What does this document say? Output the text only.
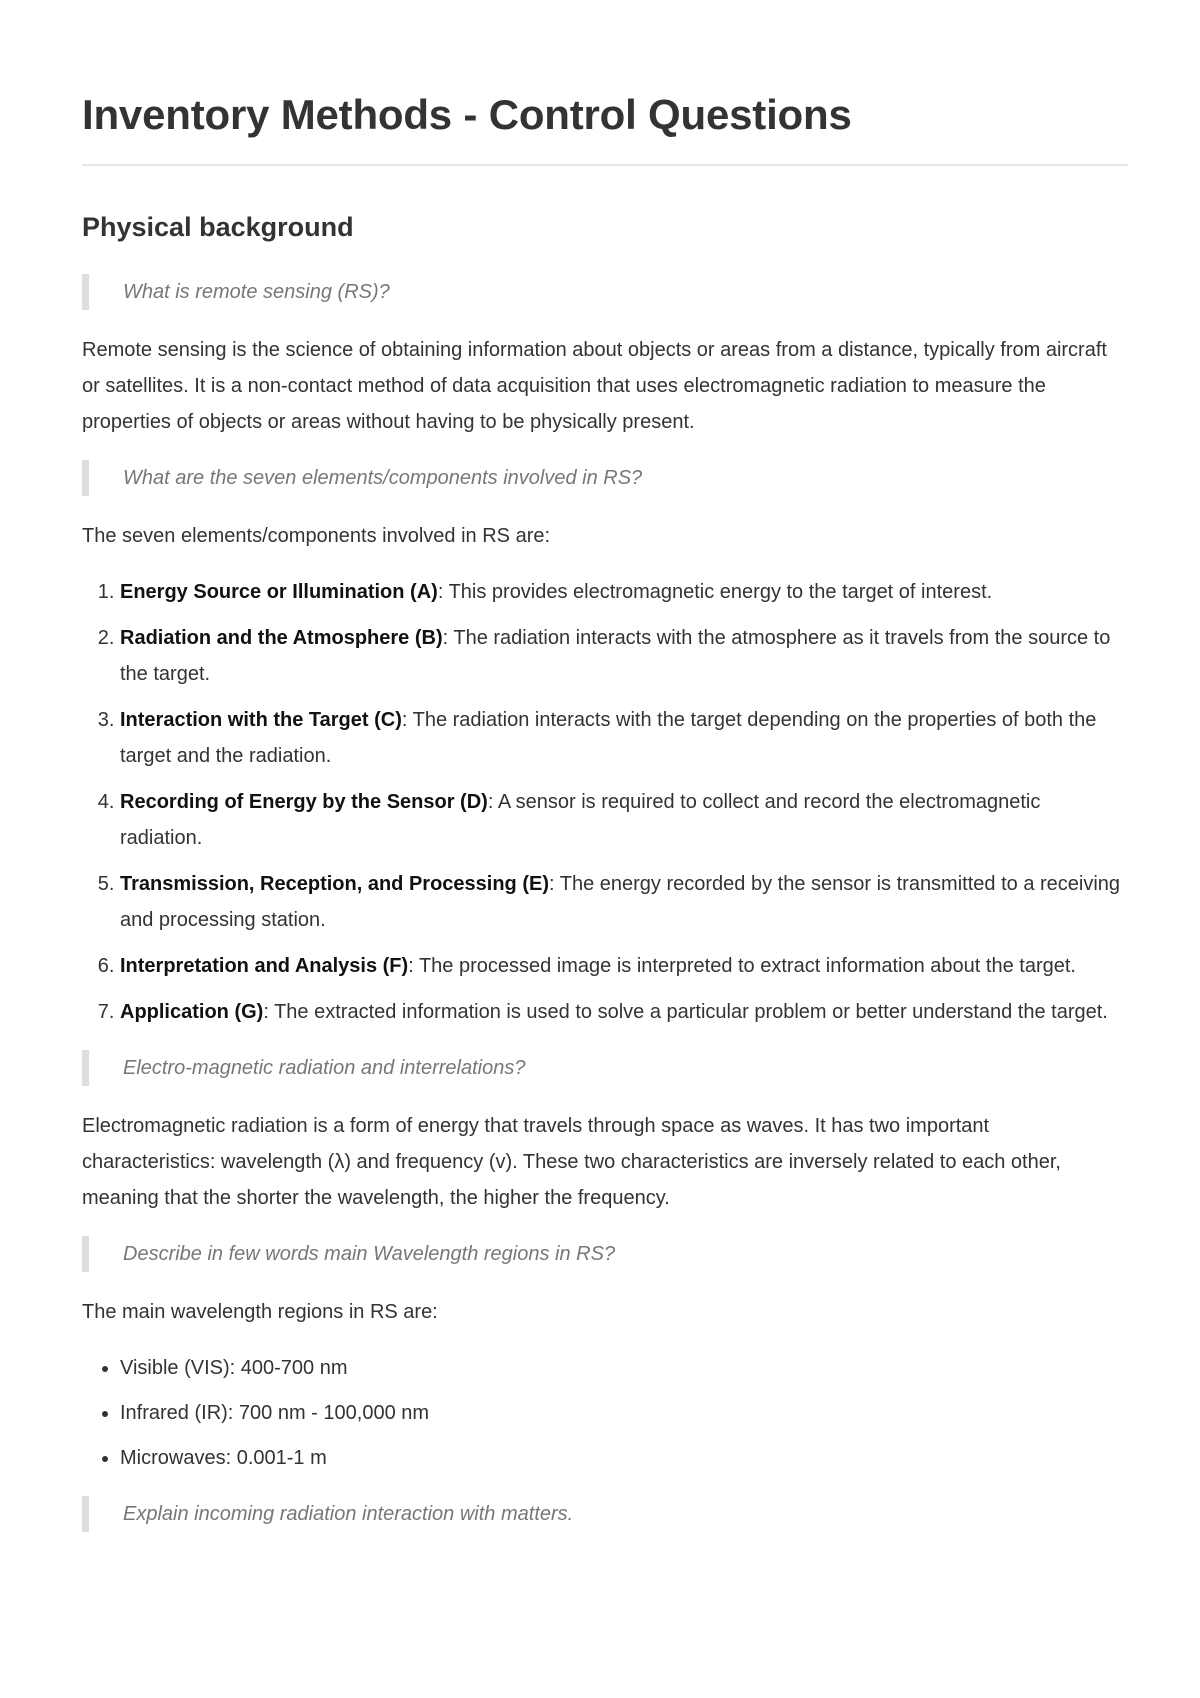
Inventory Methods - Control Questions
Physical background
What is remote sensing (RS)?

Remote sensing is the science of obtaining information about objects or areas from a distance, typically from aircraft or satellites. It is a non-contact method of data acquisition that uses electromagnetic radiation to measure the properties of objects or areas without having to be physically present.

What are the seven elements/components involved in RS?

The seven elements/components involved in RS are:

1. Energy Source or Illumination (A): This provides electromagnetic energy to the target of interest.
2. Radiation and the Atmosphere (B): The radiation interacts with the atmosphere as it travels from the source to the target.
3. Interaction with the Target (C): The radiation interacts with the target depending on the properties of both the target and the radiation.
4. Recording of Energy by the Sensor (D): A sensor is required to collect and record the electromagnetic radiation.
5. Transmission, Reception, and Processing (E): The energy recorded by the sensor is transmitted to a receiving and processing station.
6. Interpretation and Analysis (F): The processed image is interpreted to extract information about the target.
7. Application (G): The extracted information is used to solve a particular problem or better understand the target.
Electro-magnetic radiation and interrelations?

Electromagnetic radiation is a form of energy that travels through space as waves. It has two important characteristics: wavelength (λ) and frequency (v). These two characteristics are inversely related to each other, meaning that the shorter the wavelength, the higher the frequency.

Describe in few words main Wavelength regions in RS?

The main wavelength regions in RS are:

• Visible (VIS): 400-700 nm
• Infrared (IR): 700 nm - 100,000 nm
• Microwaves: 0.001-1 m
Explain incoming radiation interaction with matters.
